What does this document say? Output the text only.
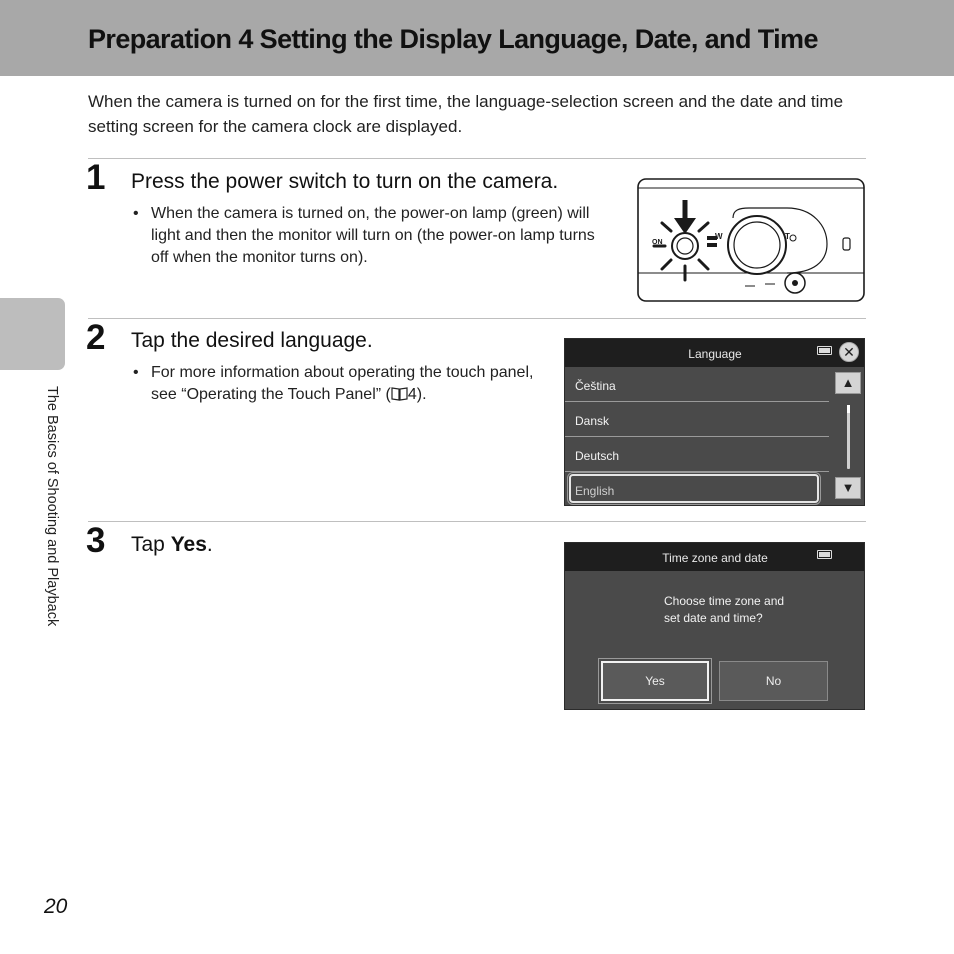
Preparation 4 Setting the Display Language, Date, and Time

When the camera is turned on for the first time, the language-selection screen and the date and time setting screen for the camera clock are displayed.

The Basics of Shooting and Playback
1 Press the power switch to turn on the camera.
• When the camera is turned on, the power-on lamp (green) will light and then the monitor will turn on (the power-on lamp turns off when the monitor turns on).
ON
W	T
2 Tap the desired language.
• For more information about operating the touch panel, see “Operating the Touch Panel” ( 4).
Language	✕
Čeština
Dansk
Deutsch
English
▲
▼
3 Tap Yes.
Time zone and date
Choose time zone and
set date and time?
Yes	No
20
